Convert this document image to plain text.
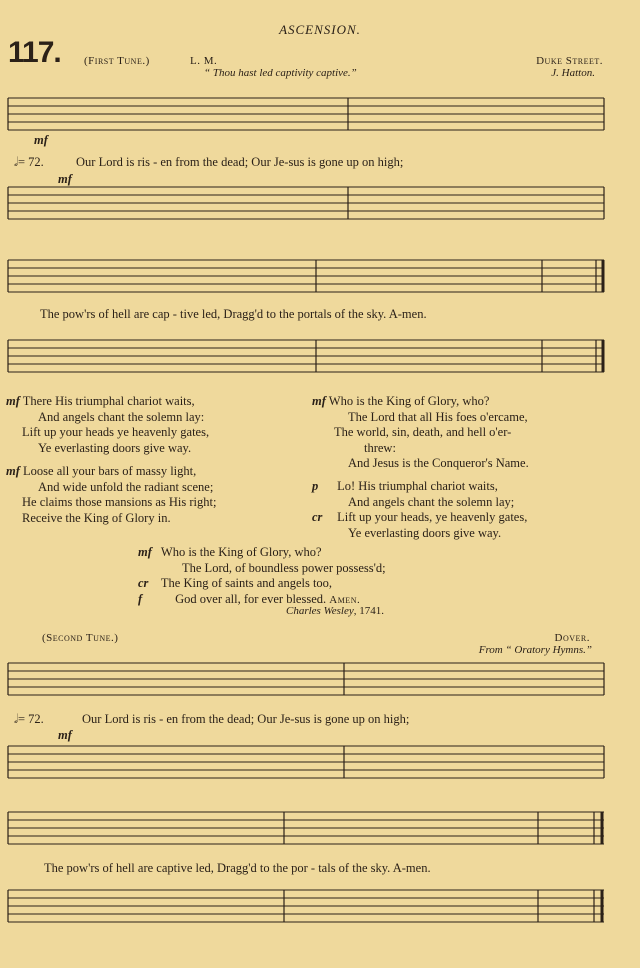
ASCENSION.
117. (First Tune.)	L. M.	Duke Street.
“ Thou hast led captivity captive.”	J. Hatton.
mf
𝅗𝅥= 72.	Our Lord is ris - en from the dead; Our Je-sus is gone up on high;
mf
The pow'rs of hell are cap - tive led, Dragg'd to the portals of the sky. A-men.
mf There His triumphal chariot waits,
And angels chant the solemn lay:
Lift up your heads ye heavenly gates,
Ye everlasting doors give way.
mf Loose all your bars of massy light,
And wide unfold the radiant scene;
He claims those mansions as His right;
Receive the King of Glory in.
mf Who is the King of Glory, who?
The Lord that all His foes o'ercame,
The world, sin, death, and hell o'er-
threw:
And Jesus is the Conqueror's Name.
p Lo! His triumphal chariot waits,
And angels chant the solemn lay;
cr Lift up your heads, ye heavenly gates,
Ye everlasting doors give way.
mf Who is the King of Glory, who?
The Lord, of boundless power possess'd;
cr The King of saints and angels too,
f	God over all, for ever blessed. Amen.
Charles Wesley, 1741.
(Second Tune.)	Dover.
From “ Oratory Hymns.”
𝅗𝅥= 72.	Our Lord is ris - en from the dead; Our Je-sus is gone up on high;
mf
The pow'rs of hell are captive led, Dragg'd to the por - tals of the sky. A-men.
